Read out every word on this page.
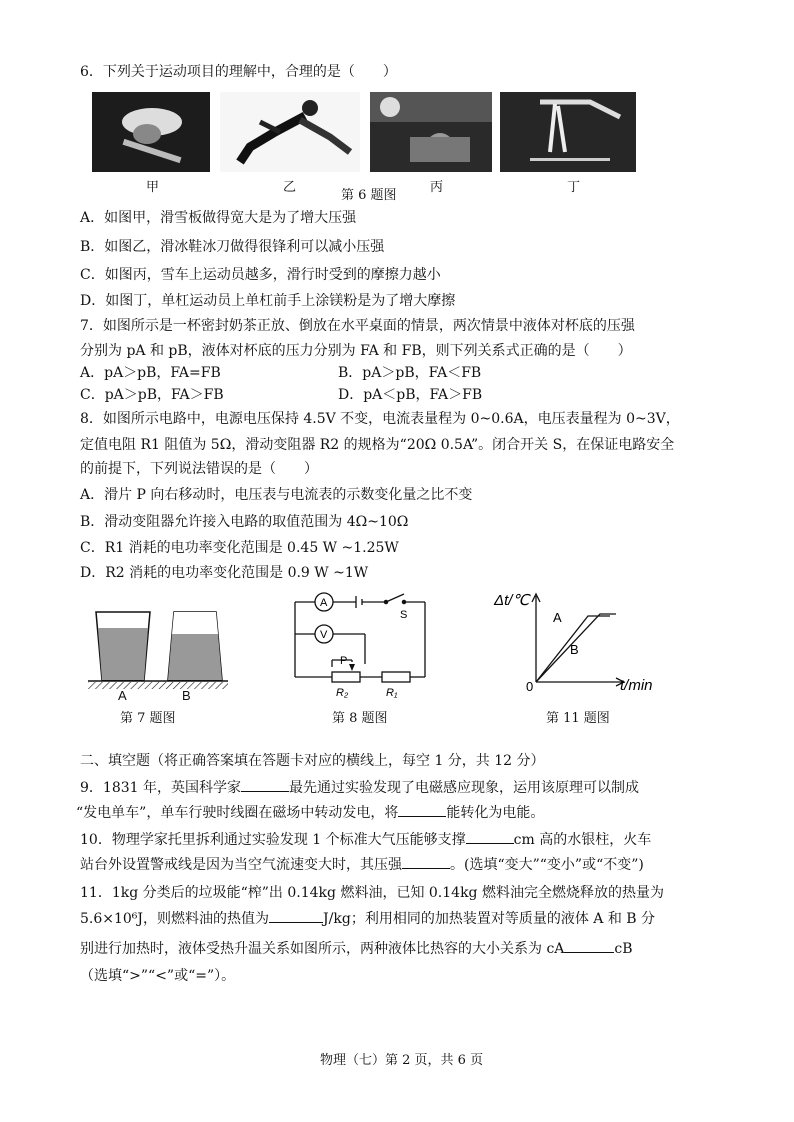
6．下列关于运动项目的理解中，合理的是（　　）
甲	乙
第 6 题图
丙	丁
A．如图甲，滑雪板做得宽大是为了增大压强
B．如图乙，滑冰鞋冰刀做得很锋利可以减小压强
C．如图丙，雪车上运动员越多，滑行时受到的摩擦力越小
D．如图丁，单杠运动员上单杠前手上涂镁粉是为了增大摩擦
7．如图所示是一杯密封奶茶正放、倒放在水平桌面的情景，两次情景中液体对杯底的压强
分别为 pA 和 pB，液体对杯底的压力分别为 FA 和 FB，则下列关系式正确的是（　　）
A．pA＞pB，FA=FB	B．pA＞pB，FA＜FB
C．pA＞pB，FA＞FB	D．pA＜pB，FA＞FB
8．如图所示电路中，电源电压保持 4.5V 不变，电流表量程为 0~0.6A，电压表量程为 0~3V，
定值电阻 R1 阻值为 5Ω，滑动变阻器 R2 的规格为“20Ω 0.5A”。闭合开关 S，在保证电路安全
的前提下，下列说法错误的是（　　）
A．滑片 P 向右移动时，电压表与电流表的示数变化量之比不变
B．滑动变阻器允许接入电路的取值范围为 4Ω~10Ω
C．R1 消耗的电功率变化范围是 0.45 W ~1.25W
D．R2 消耗的电功率变化范围是 0.9 W ~1W
A	B
第 7 题图
A
V
S
P
R₂	R₁
第 8 题图
Δt/℃
t/min
0
A
B
第 11 题图
二、填空题（将正确答案填在答题卡对应的横线上，每空 1 分，共 12 分）
9．1831 年，英国科学家	最先通过实验发现了电磁感应现象，运用该原理可以制成
“发电单车”，单车行驶时线圈在磁场中转动发电，将	能转化为电能。
10．物理学家托里拆利通过实验发现 1 个标准大气压能够支撑	cm 高的水银柱，火车
站台外设置警戒线是因为当空气流速变大时，其压强	。(选填“变大”“变小”或“不变”)
11．1kg 分类后的垃圾能“榨”出 0.14kg 燃料油，已知 0.14kg 燃料油完全燃烧释放的热量为
5.6×10⁶J，则燃料油的热值为	J/kg；利用相同的加热装置对等质量的液体 A 和 B 分
别进行加热时，液体受热升温关系如图所示，两种液体比热容的大小关系为 cA	cB
（选填“>”“<”或“=”）。
物理（七）第 2 页，共 6 页
